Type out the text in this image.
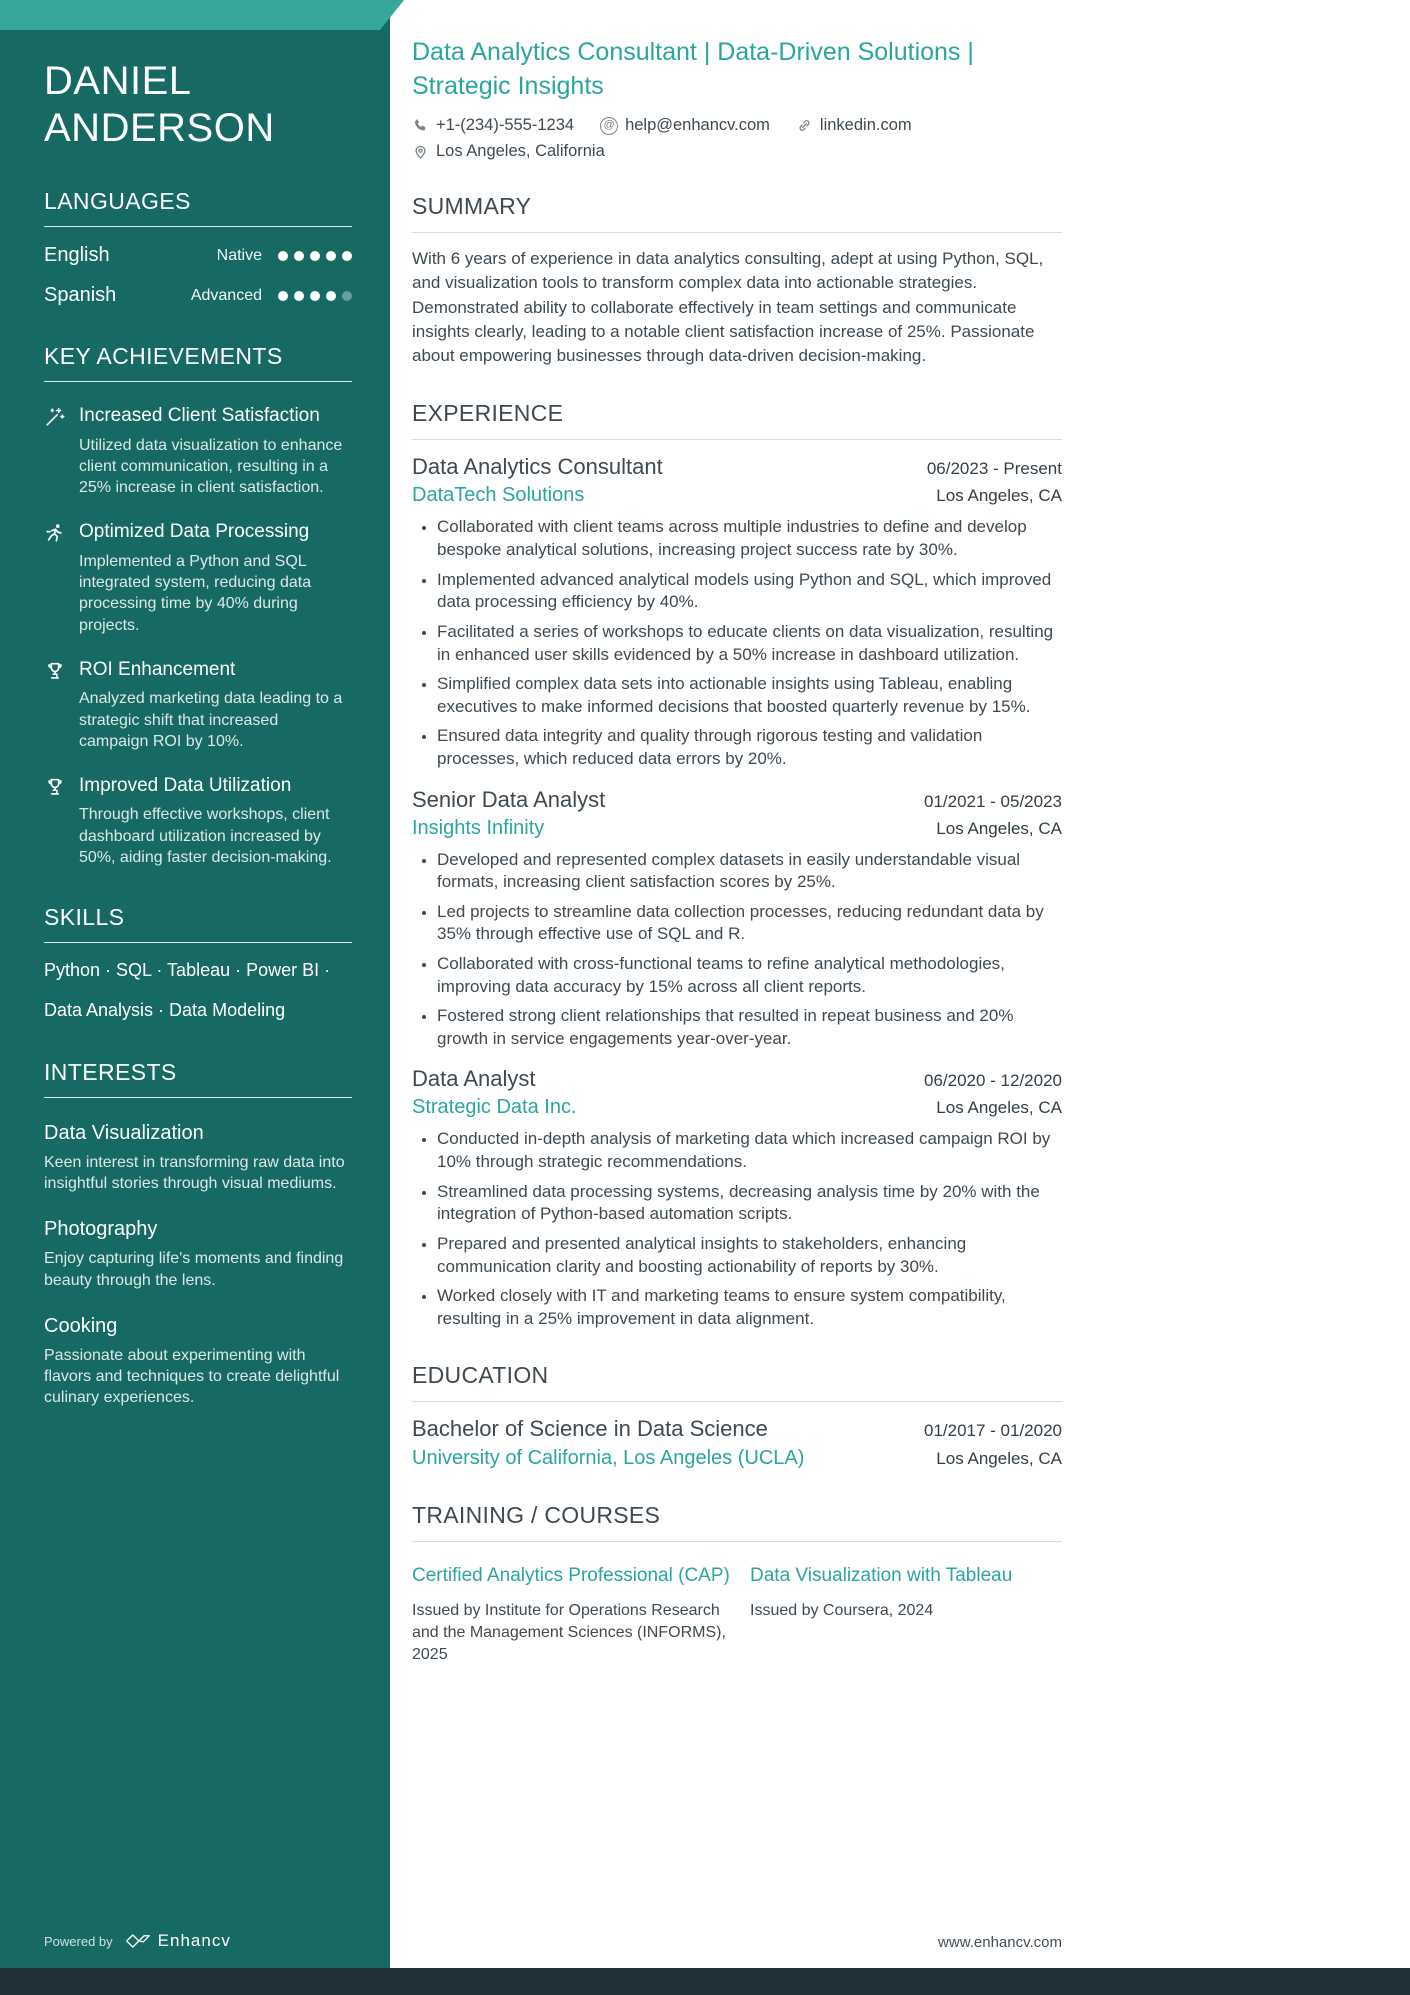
DANIEL
ANDERSON
LANGUAGES
English	Native
Spanish	Advanced
KEY ACHIEVEMENTS
Increased Client Satisfaction
Utilized data visualization to enhance client communication, resulting in a 25% increase in client satisfaction.
Optimized Data Processing
Implemented a Python and SQL integrated system, reducing data processing time by 40% during projects.
ROI Enhancement
Analyzed marketing data leading to a strategic shift that increased campaign ROI by 10%.
Improved Data Utilization
Through effective workshops, client dashboard utilization increased by 50%, aiding faster decision-making.
SKILLS
Python · SQL · Tableau · Power BI ·
Data Analysis · Data Modeling
INTERESTS
Data Visualization
Keen interest in transforming raw data into insightful stories through visual mediums.
Photography
Enjoy capturing life's moments and finding beauty through the lens.
Cooking
Passionate about experimenting with flavors and techniques to create delightful culinary experiences.
Powered by	Enhancv
Data Analytics Consultant | Data-Driven Solutions | Strategic Insights
+1-(234)-555-1234	@ help@enhancv.com	linkedin.com
Los Angeles, California
SUMMARY

With 6 years of experience in data analytics consulting, adept at using Python, SQL, and visualization tools to transform complex data into actionable strategies. Demonstrated ability to collaborate effectively in team settings and communicate insights clearly, leading to a notable client satisfaction increase of 25%. Passionate about empowering businesses through data-driven decision-making.

EXPERIENCE
Data Analytics Consultant	06/2023 - Present
DataTech Solutions	Los Angeles, CA
• Collaborated with client teams across multiple industries to define and develop bespoke analytical solutions, increasing project success rate by 30%.
• Implemented advanced analytical models using Python and SQL, which improved data processing efficiency by 40%.
• Facilitated a series of workshops to educate clients on data visualization, resulting in enhanced user skills evidenced by a 50% increase in dashboard utilization.
• Simplified complex data sets into actionable insights using Tableau, enabling executives to make informed decisions that boosted quarterly revenue by 15%.
• Ensured data integrity and quality through rigorous testing and validation processes, which reduced data errors by 20%.
Senior Data Analyst	01/2021 - 05/2023
Insights Infinity	Los Angeles, CA
• Developed and represented complex datasets in easily understandable visual formats, increasing client satisfaction scores by 25%.
• Led projects to streamline data collection processes, reducing redundant data by 35% through effective use of SQL and R.
• Collaborated with cross-functional teams to refine analytical methodologies, improving data accuracy by 15% across all client reports.
• Fostered strong client relationships that resulted in repeat business and 20% growth in service engagements year-over-year.
Data Analyst	06/2020 - 12/2020
Strategic Data Inc.	Los Angeles, CA
• Conducted in-depth analysis of marketing data which increased campaign ROI by 10% through strategic recommendations.
• Streamlined data processing systems, decreasing analysis time by 20% with the integration of Python-based automation scripts.
• Prepared and presented analytical insights to stakeholders, enhancing communication clarity and boosting actionability of reports by 30%.
• Worked closely with IT and marketing teams to ensure system compatibility, resulting in a 25% improvement in data alignment.
EDUCATION
Bachelor of Science in Data Science	01/2017 - 01/2020
University of California, Los Angeles (UCLA)	Los Angeles, CA
TRAINING / COURSES
Certified Analytics Professional (CAP)
Issued by Institute for Operations Research and the Management Sciences (INFORMS), 2025
Data Visualization with Tableau
Issued by Coursera, 2024
www.enhancv.com
